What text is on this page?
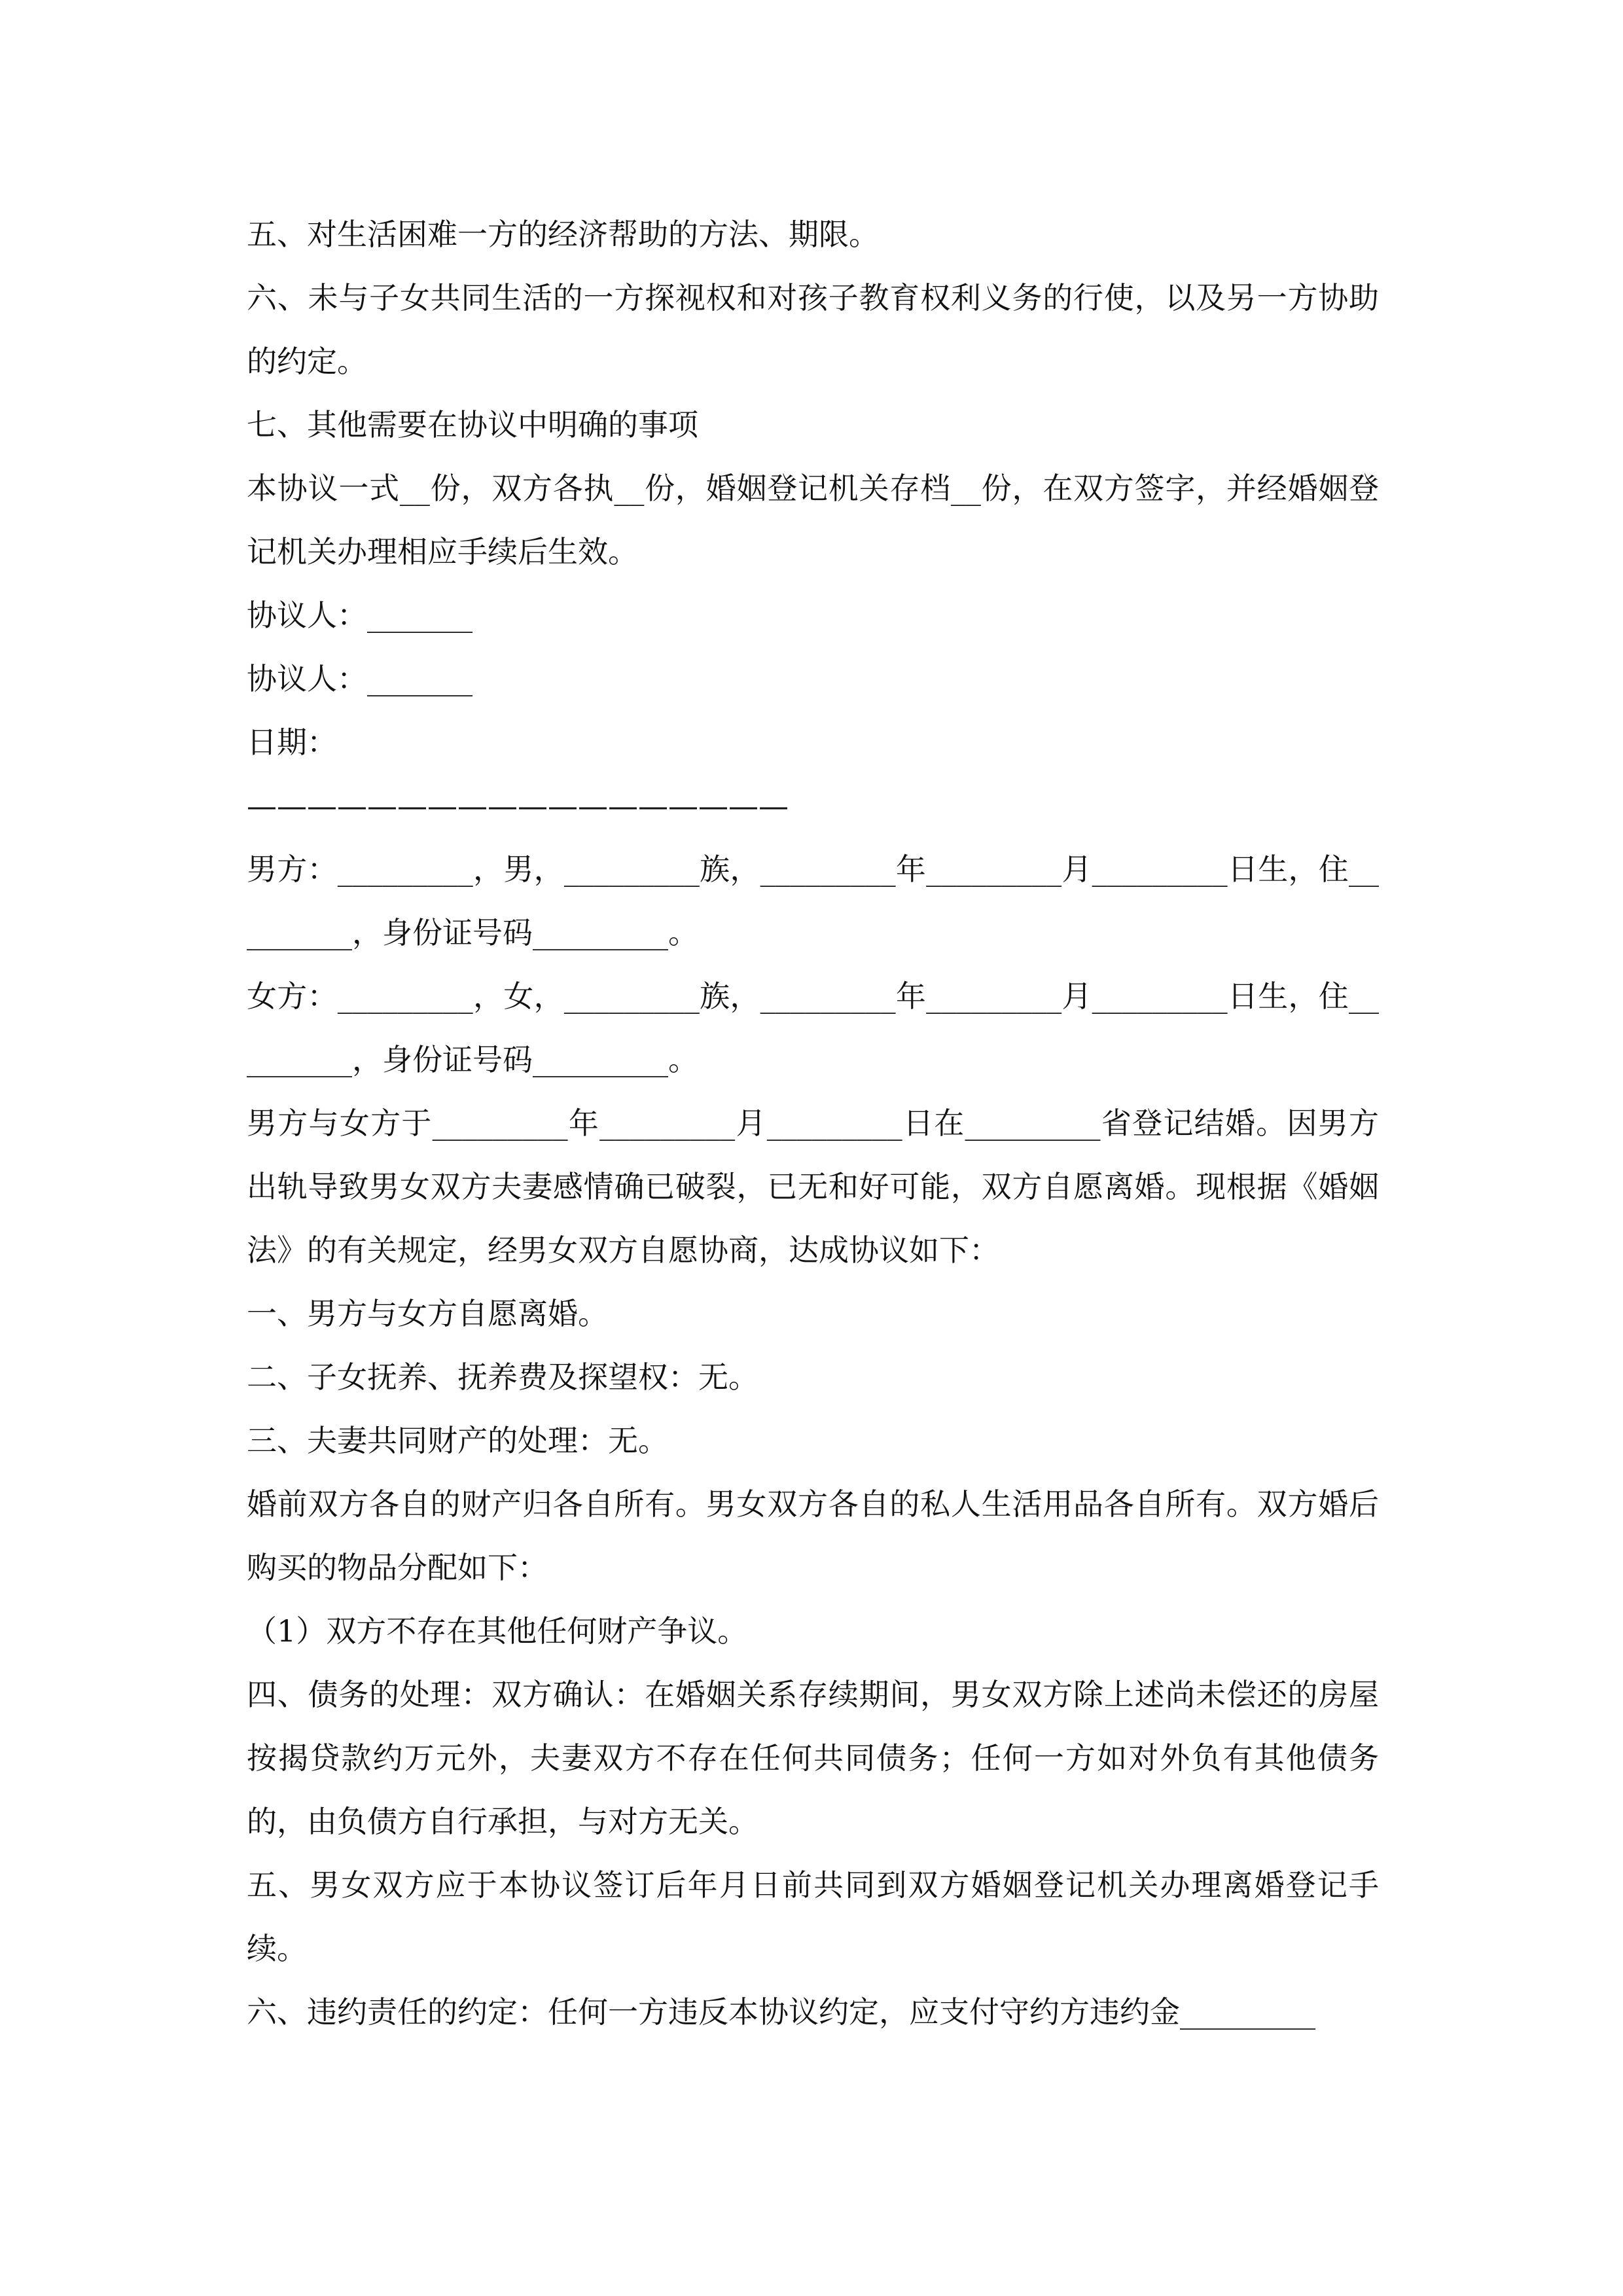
五、对生活困难一方的经济帮助的方法、期限。

六、未与子女共同生活的一方探视权和对孩子教育权利义务的行使，以及另一方协助的约定。

七、其他需要在协议中明确的事项

本协议一式__份，双方各执__份，婚姻登记机关存档__份，在双方签字，并经婚姻登记机关办理相应手续后生效。

协议人：_______

协议人：_______

日期：

——————————————————

男方：_________，男，_________族，_________年_________月_________日生，住_________，身份证号码_________。

女方：_________，女，_________族，_________年_________月_________日生，住_________，身份证号码_________。

男方与女方于_________年_________月_________日在_________省登记结婚。因男方出轨导致男女双方夫妻感情确已破裂，已无和好可能，双方自愿离婚。现根据《婚姻法》的有关规定，经男女双方自愿协商，达成协议如下：

一、男方与女方自愿离婚。

二、子女抚养、抚养费及探望权：无。

三、夫妻共同财产的处理：无。

婚前双方各自的财产归各自所有。男女双方各自的私人生活用品各自所有。双方婚后购买的物品分配如下：

（1）双方不存在其他任何财产争议。

四、债务的处理：双方确认：在婚姻关系存续期间，男女双方除上述尚未偿还的房屋按揭贷款约万元外，夫妻双方不存在任何共同债务；任何一方如对外负有其他债务的，由负债方自行承担，与对方无关。

五、男女双方应于本协议签订后年月日前共同到双方婚姻登记机关办理离婚登记手续。

六、违约责任的约定：任何一方违反本协议约定，应支付守约方违约金_________
